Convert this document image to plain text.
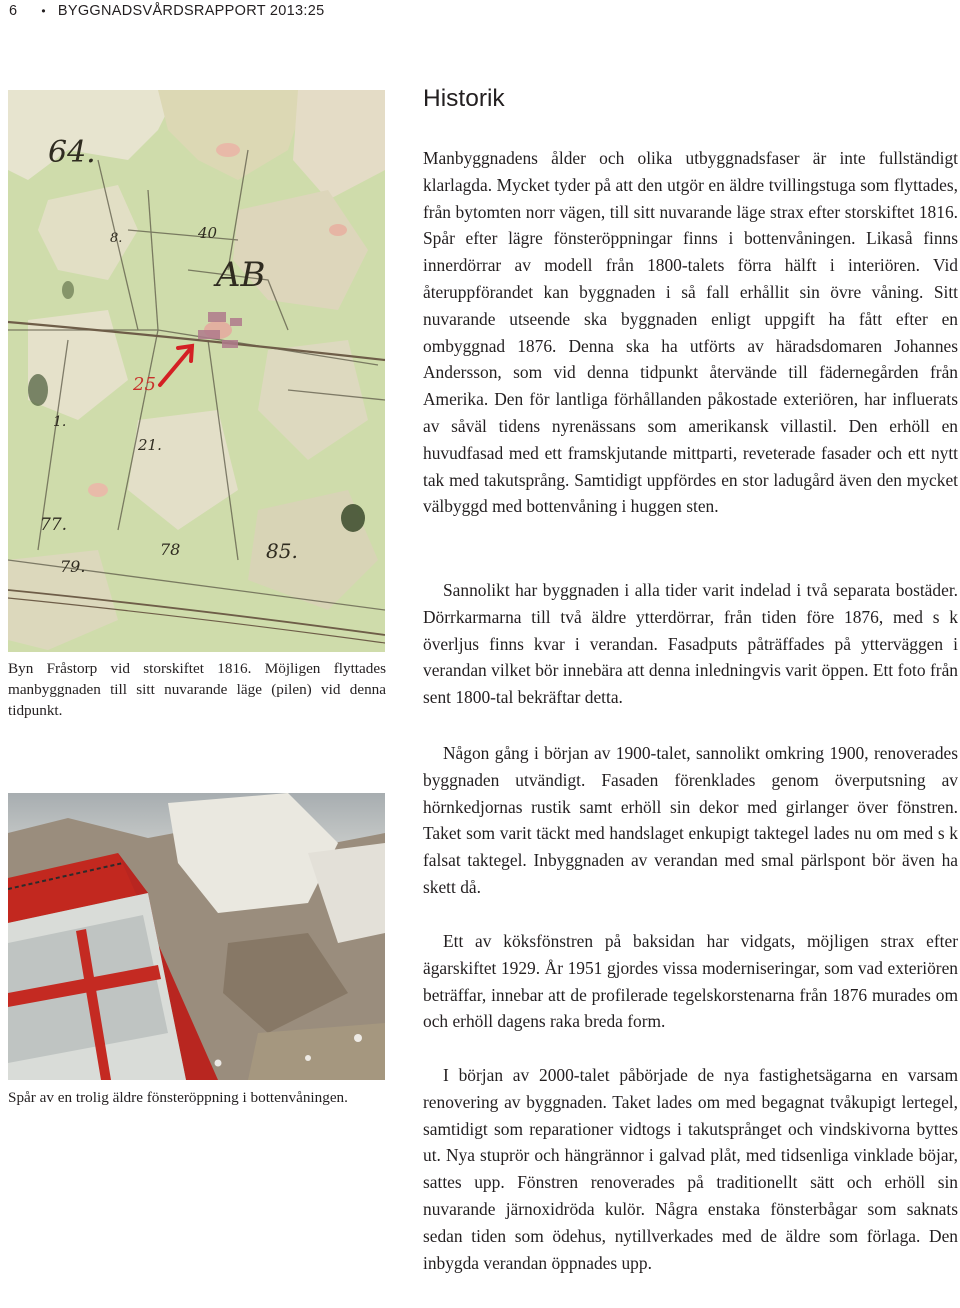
6 • BYGGNADSVÅRDSRAPPORT 2013:25
64.
40
AB
25
21.
77.
78	85.
79.
1.
8.
Byn Fråstorp vid storskiftet 1816. Möjligen flyttades manbyggnaden till sitt nuvarande läge (pilen) vid denna tidpunkt.
Spår av en trolig äldre fönsteröppning i bottenvåningen.
Historik

Manbyggnadens ålder och olika utbyggnadsfaser är inte fullständigt klarlagda. Mycket tyder på att den utgör en äldre tvillingstuga som flyttades, från bytomten norr vägen, till sitt nuvarande läge strax efter storskiftet 1816. Spår efter lägre fönsteröppningar finns i bottenvåningen. Likaså finns innerdörrar av modell från 1800-talets förra hälft i interiören. Vid återuppförandet kan byggnaden i så fall erhållit sin övre våning. Sitt nuvarande utseende ska byggnaden enligt uppgift ha fått efter en ombyggnad 1876. Denna ska ha utförts av häradsdomaren Johannes Andersson, som vid denna tidpunkt återvände till fädernegården från Amerika. Den för lantliga förhållanden påkostade exteriören, har influerats av såväl tidens nyrenässans som amerikansk villastil. Den erhöll en huvudfasad med ett framskjutande mittparti, reveterade fasader och ett nytt tak med takutsprång. Samtidigt uppfördes en stor ladugård även den mycket välbyggd med bottenvåning i huggen sten.

Sannolikt har byggnaden i alla tider varit indelad i två separata bostäder. Dörrkarmarna till två äldre ytterdörrar, från tiden före 1876, med s k överljus finns kvar i verandan. Fasadputs påträffades på ytterväggen i verandan vilket bör innebära att denna inledningvis varit öppen. Ett foto från sent 1800-tal bekräftar detta.

Någon gång i början av 1900-talet, sannolikt omkring 1900, renoverades byggnaden utvändigt. Fasaden förenklades genom överputsning av hörnkedjornas rustik samt erhöll sin dekor med girlanger över fönstren. Taket som varit täckt med handslaget enkupigt taktegel lades nu om med s k falsat taktegel. Inbyggnaden av verandan med smal pärlspont bör även ha skett då.

Ett av köksfönstren på baksidan har vidgats, möjligen strax efter ägarskiftet 1929. År 1951 gjordes vissa moderniseringar, som vad exteriören beträffar, innebar att de profilerade tegelskorstenarna från 1876 murades om och erhöll dagens raka breda form.

I början av 2000-talet påbörjade de nya fastighetsägarna en varsam renovering av byggnaden. Taket lades om med begagnat tvåkupigt lertegel, samtidigt som reparationer vidtogs i takutsprånget och vindskivorna byttes ut. Nya stuprör och hängrännor i galvad plåt, med tidsenliga vinklade böjar, sattes upp. Fönstren renoverades på traditionellt sätt och erhöll sin nuvarande järnoxidröda kulör. Några enstaka fönsterbågar som saknats sedan tiden som ödehus, nytillverkades med de äldre som förlaga. Den inbygda verandan öppnades upp.
